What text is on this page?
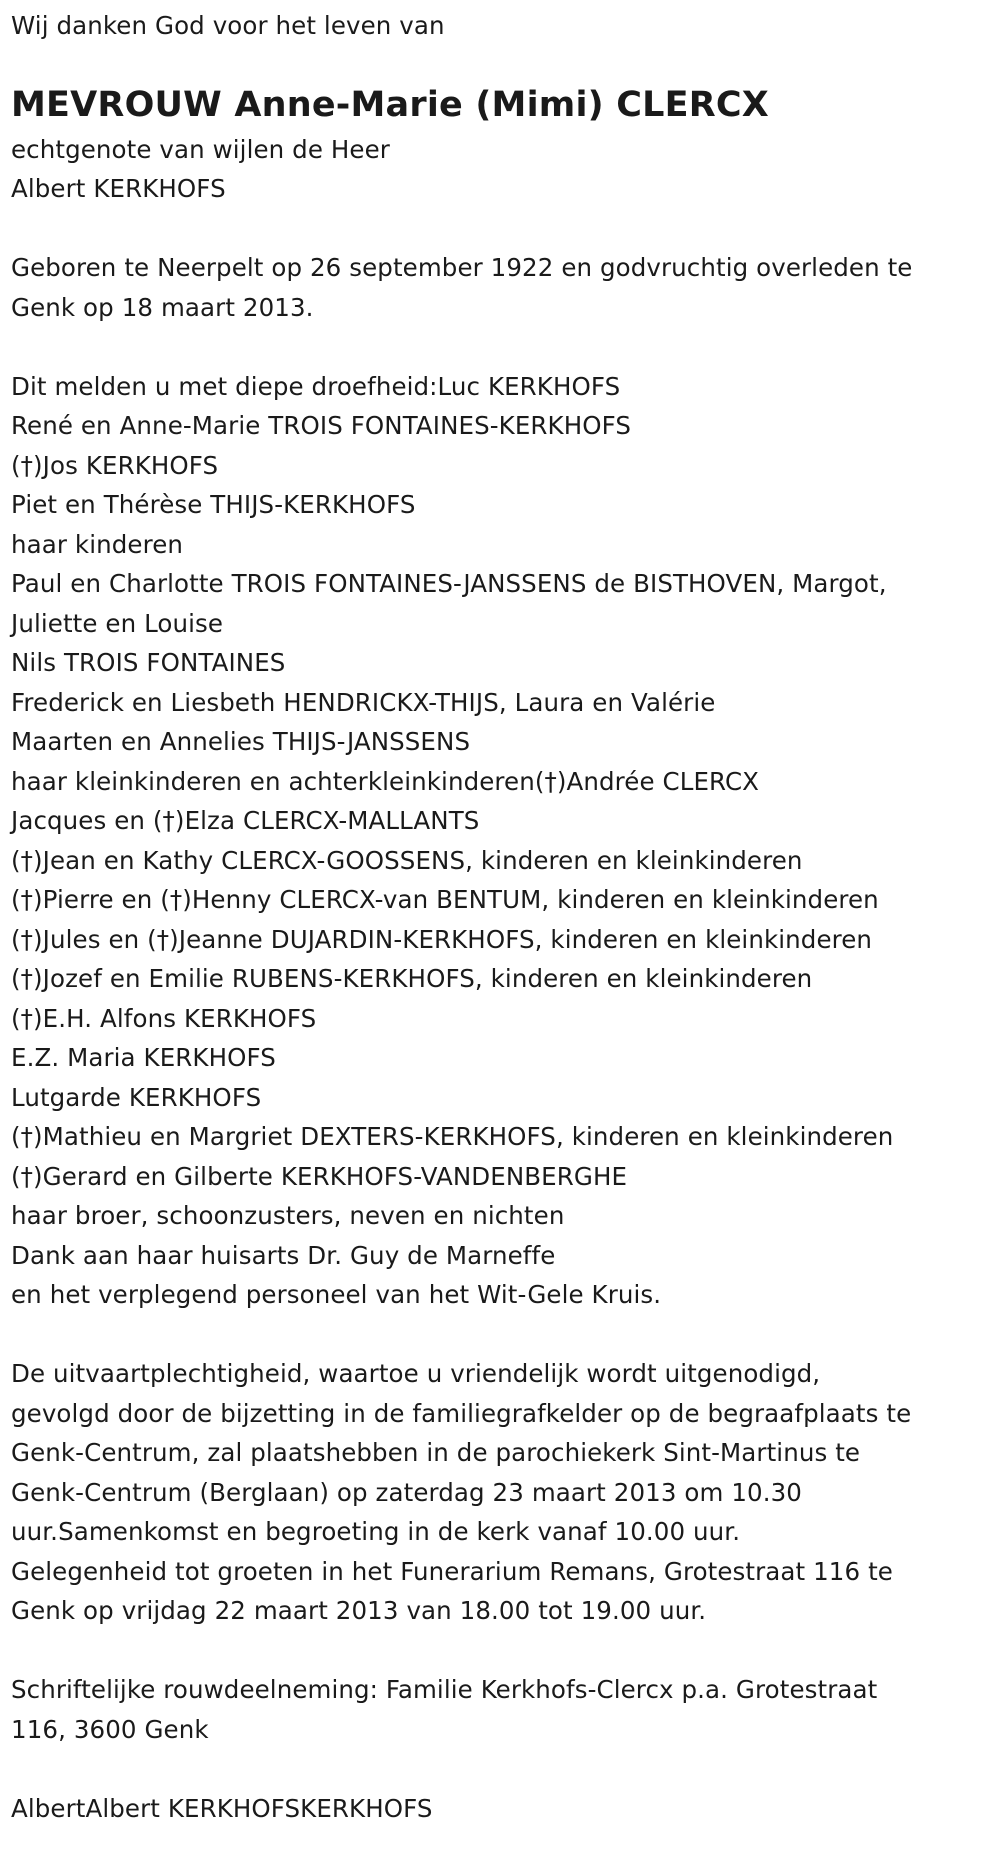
Wij danken God voor het leven van
MEVROUW Anne-Marie (Mimi) CLERCX
echtgenote van wijlen de Heer
Albert KERKHOFS
Geboren te Neerpelt op 26 september 1922 en godvruchtig overleden te
Genk op 18 maart 2013.
Dit melden u met diepe droefheid:Luc KERKHOFS
René en Anne-Marie TROIS FONTAINES-KERKHOFS
(†)Jos KERKHOFS
Piet en Thérèse THIJS-KERKHOFS
haar kinderen
Paul en Charlotte TROIS FONTAINES-JANSSENS de BISTHOVEN, Margot,
Juliette en Louise
Nils TROIS FONTAINES
Frederick en Liesbeth HENDRICKX-THIJS, Laura en Valérie
Maarten en Annelies THIJS-JANSSENS
haar kleinkinderen en achterkleinkinderen(†)Andrée CLERCX
Jacques en (†)Elza CLERCX-MALLANTS
(†)Jean en Kathy CLERCX-GOOSSENS, kinderen en kleinkinderen
(†)Pierre en (†)Henny CLERCX-van BENTUM, kinderen en kleinkinderen
(†)Jules en (†)Jeanne DUJARDIN-KERKHOFS, kinderen en kleinkinderen
(†)Jozef en Emilie RUBENS-KERKHOFS, kinderen en kleinkinderen
(†)E.H. Alfons KERKHOFS
E.Z. Maria KERKHOFS
Lutgarde KERKHOFS
(†)Mathieu en Margriet DEXTERS-KERKHOFS, kinderen en kleinkinderen
(†)Gerard en Gilberte KERKHOFS-VANDENBERGHE
haar broer, schoonzusters, neven en nichten
Dank aan haar huisarts Dr. Guy de Marneffe
en het verplegend personeel van het Wit-Gele Kruis.
De uitvaartplechtigheid, waartoe u vriendelijk wordt uitgenodigd,
gevolgd door de bijzetting in de familiegrafkelder op de begraafplaats te
Genk-Centrum, zal plaatshebben in de parochiekerk Sint-Martinus te
Genk-Centrum (Berglaan) op zaterdag 23 maart 2013 om 10.30
uur.Samenkomst en begroeting in de kerk vanaf 10.00 uur.
Gelegenheid tot groeten in het Funerarium Remans, Grotestraat 116 te
Genk op vrijdag 22 maart 2013 van 18.00 tot 19.00 uur.
Schriftelijke rouwdeelneming: Familie Kerkhofs-Clercx p.a. Grotestraat
116, 3600 Genk
AlbertAlbert KERKHOFSKERKHOFS
